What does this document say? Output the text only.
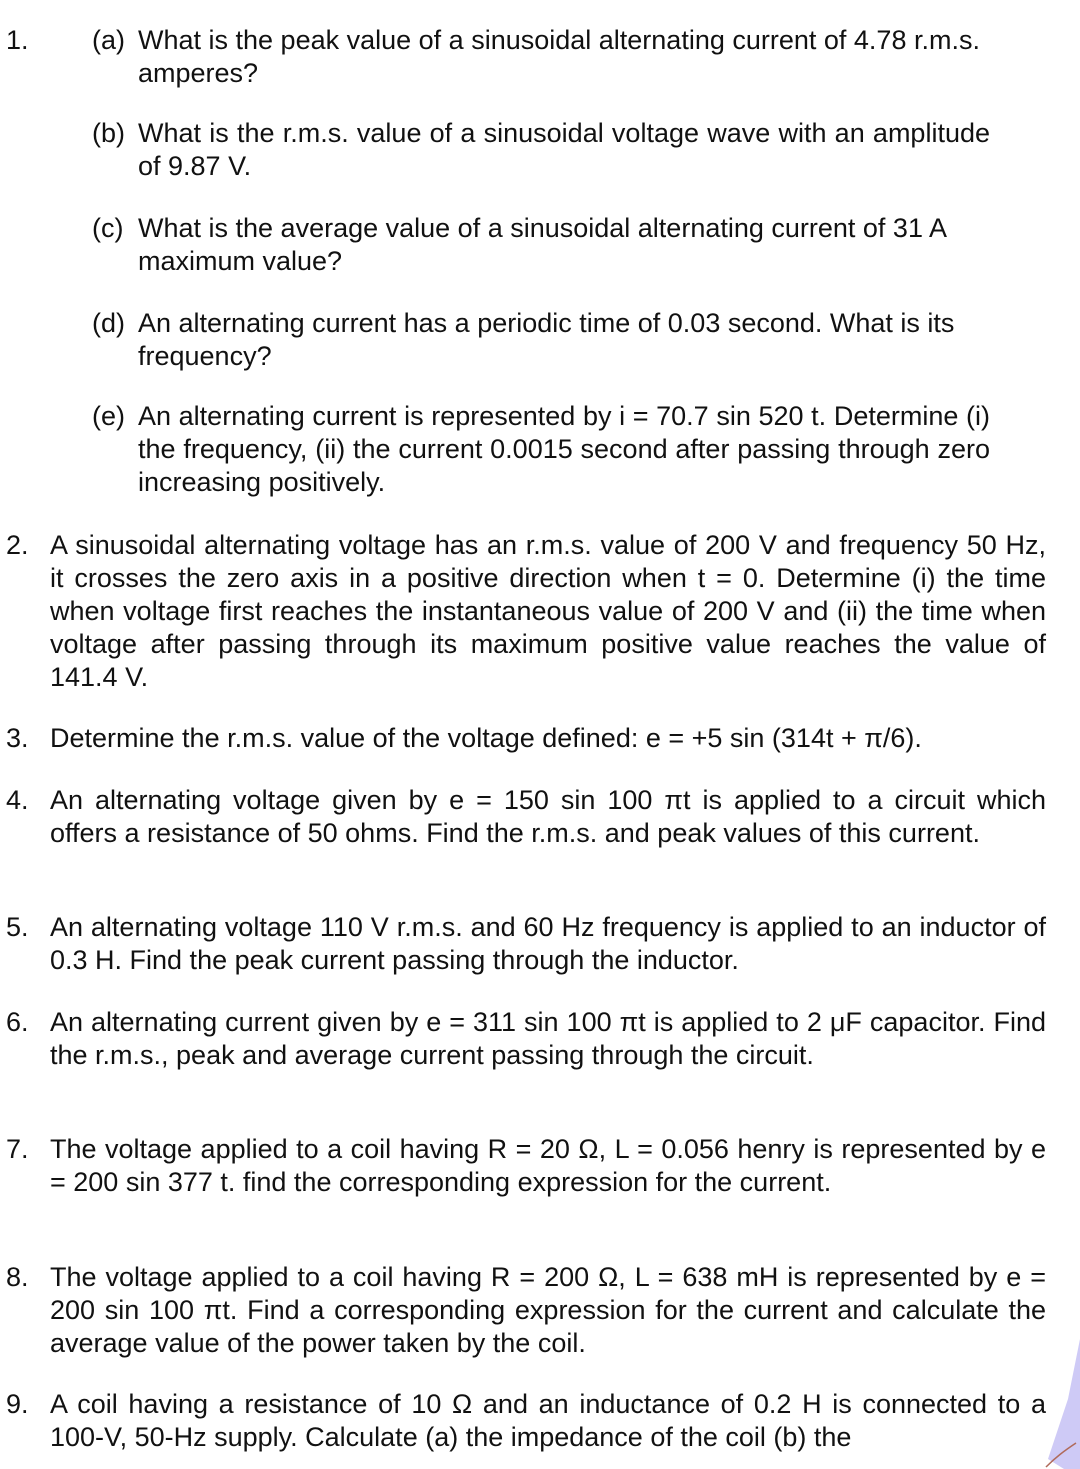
1. (a) What is the peak value of a sinusoidal alternating current of 4.78 r.m.s. amperes?
(b) What is the r.m.s. value of a sinusoidal voltage wave with an amplitude of 9.87 V.
(c) What is the average value of a sinusoidal alternating current of 31 A maximum value?
(d) An alternating current has a periodic time of 0.03 second. What is its frequency?
(e) An alternating current is represented by i = 70.7 sin 520 t. Determine (i) the frequency, (ii) the current 0.0015 second after passing through zero increasing positively.
2. A sinusoidal alternating voltage has an r.m.s. value of 200 V and frequency 50 Hz, it crosses the zero axis in a positive direction when t = 0. Determine (i) the time when voltage first reaches the instantaneous value of 200 V and (ii) the time when voltage after passing through its maximum positive value reaches the value of 141.4 V.
3. Determine the r.m.s. value of the voltage defined: e = +5 sin (314t + π/6).
4. An alternating voltage given by e = 150 sin 100 πt is applied to a circuit which offers a resistance of 50 ohms. Find the r.m.s. and peak values of this current.
5. An alternating voltage 110 V r.m.s. and 60 Hz frequency is applied to an inductor of 0.3 H. Find the peak current passing through the inductor.
6. An alternating current given by e = 311 sin 100 πt is applied to 2 μF capacitor. Find the r.m.s., peak and average current passing through the circuit.
7. The voltage applied to a coil having R = 20 Ω, L = 0.056 henry is represented by e = 200 sin 377 t. find the corresponding expression for the current.
8. The voltage applied to a coil having R = 200 Ω, L = 638 mH is represented by e = 200 sin 100 πt. Find a corresponding expression for the current and calculate the average value of the power taken by the coil.
9. A coil having a resistance of 10 Ω and an inductance of 0.2 H is connected to a 100-V, 50-Hz supply. Calculate (a) the impedance of the coil (b) the
